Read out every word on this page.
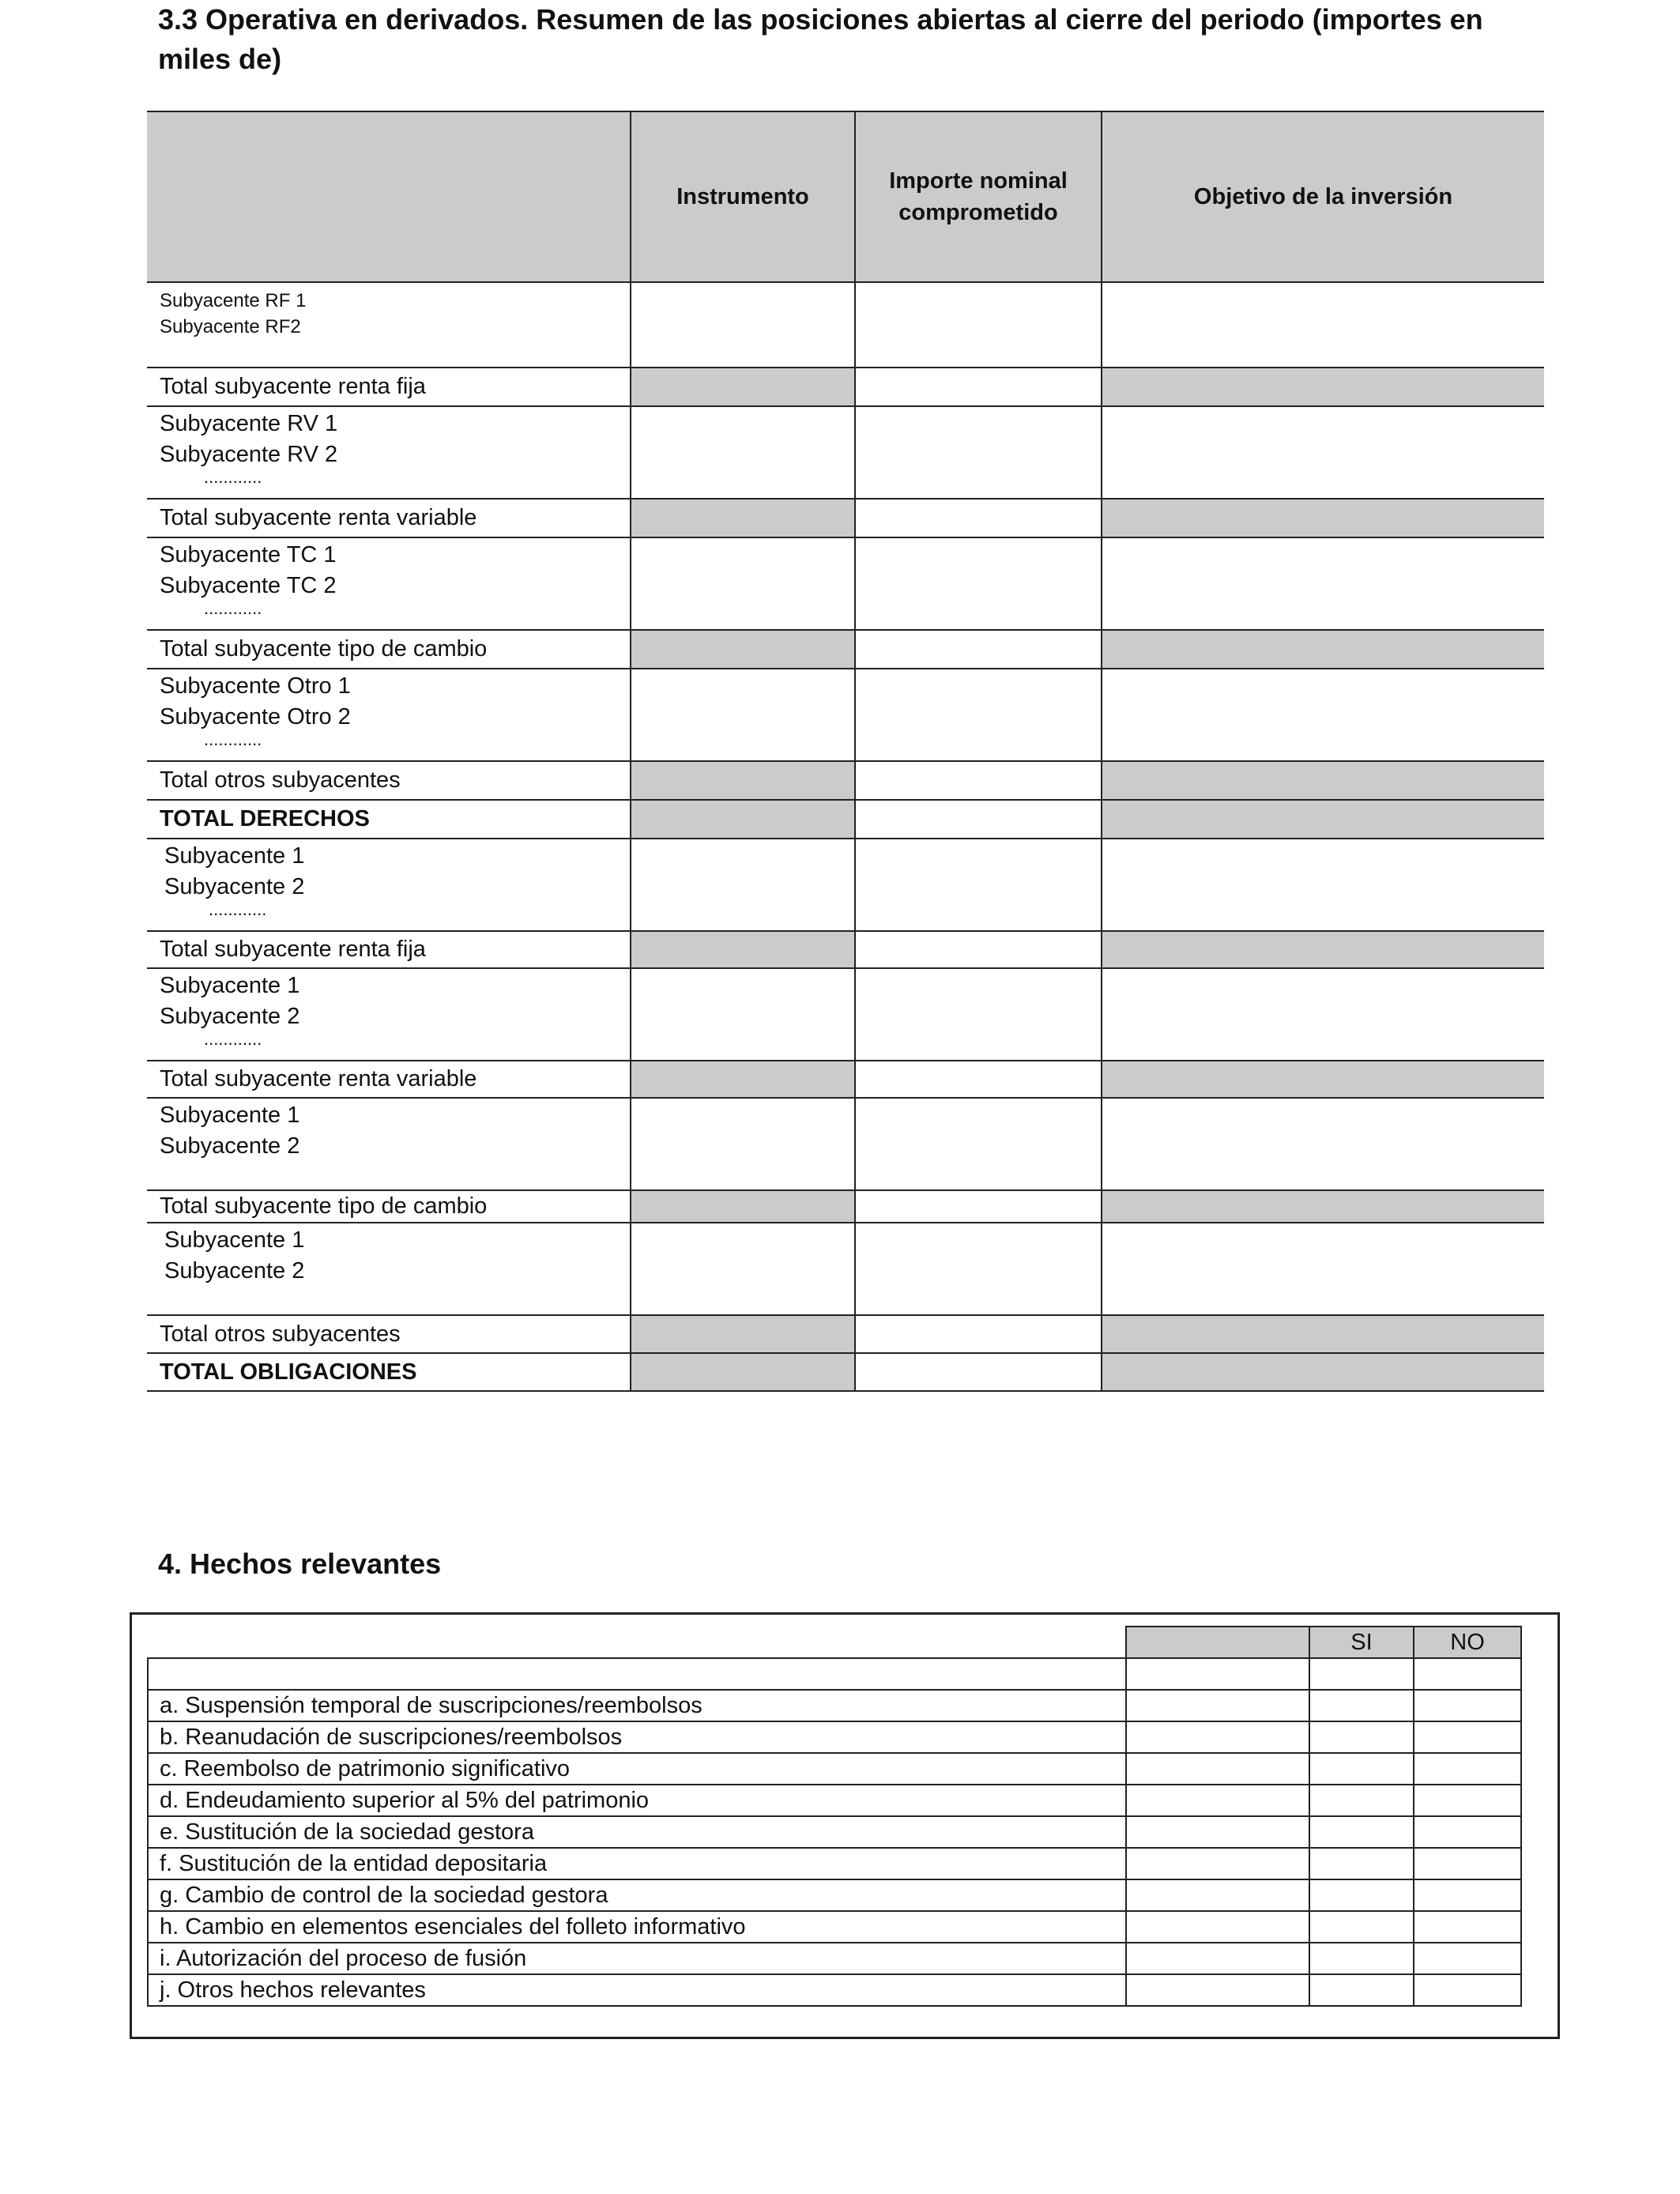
3.3 Operativa en derivados. Resumen de las posiciones abiertas al cierre del periodo (importes en miles de)
	Instrumento	Importe nominal comprometido	Objetivo de la inversión

Subyacente RF 1
Subyacente RF2			

Total subyacente renta fija			

Subyacente RV 1
Subyacente RV 2
............			

Total subyacente renta variable			

Subyacente TC 1
Subyacente TC 2
............			

Total subyacente tipo de cambio			

Subyacente Otro 1
Subyacente Otro 2
............			

Total otros subyacentes			
TOTAL DERECHOS			

Subyacente 1
Subyacente 2
............			

Total subyacente renta fija			

Subyacente 1
Subyacente 2
............			

Total subyacente renta variable			

Subyacente 1
Subyacente 2			

Total subyacente tipo de cambio			

Subyacente 1
Subyacente 2			

Total otros subyacentes			
TOTAL OBLIGACIONES			
4. Hechos relevantes
		SI	NO

a. Suspensión temporal de suscripciones/reembolsos			
b. Reanudación de suscripciones/reembolsos			
c. Reembolso de patrimonio significativo			
d. Endeudamiento superior al 5% del patrimonio			
e. Sustitución de la sociedad gestora			
f. Sustitución de la entidad depositaria			
g. Cambio de control de la sociedad gestora			
h. Cambio en elementos esenciales del folleto informativo			
i. Autorización del proceso de fusión			
j. Otros hechos relevantes			
